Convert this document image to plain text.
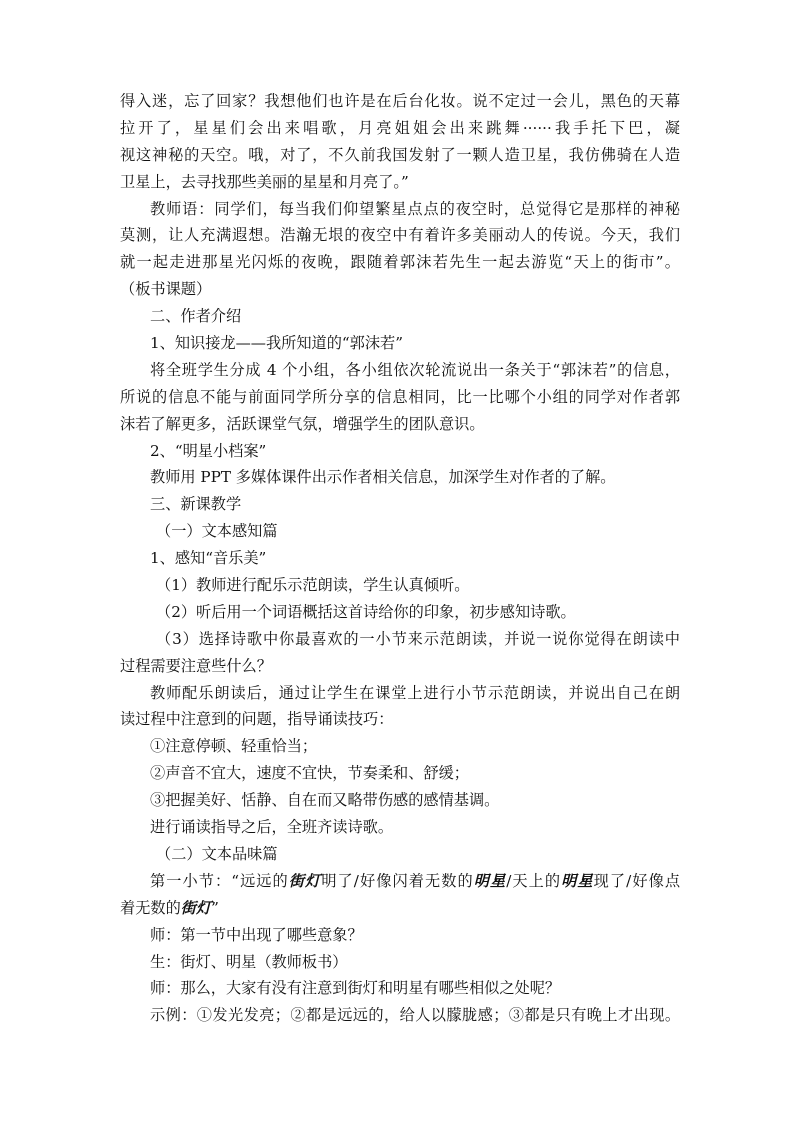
得入迷，忘了回家？我想他们也许是在后台化妆。说不定过一会儿，黑色的天幕
拉开了，星星们会出来唱歌，月亮姐姐会出来跳舞······我手托下巴，凝
视这神秘的天空。哦，对了，不久前我国发射了一颗人造卫星，我仿佛骑在人造
卫星上，去寻找那些美丽的星星和月亮了。”
教师语：同学们，每当我们仰望繁星点点的夜空时，总觉得它是那样的神秘
莫测，让人充满遐想。浩瀚无垠的夜空中有着许多美丽动人的传说。今天，我们
就一起走进那星光闪烁的夜晚，跟随着郭沫若先生一起去游览“天上的街市”。
（板书课题）
二、作者介绍
1、知识接龙——我所知道的“郭沫若”
将全班学生分成 4 个小组，各小组依次轮流说出一条关于“郭沫若”的信息，
所说的信息不能与前面同学所分享的信息相同，比一比哪个小组的同学对作者郭
沫若了解更多，活跃课堂气氛，增强学生的团队意识。
2、“明星小档案”
教师用 PPT 多媒体课件出示作者相关信息，加深学生对作者的了解。
三、新课教学
（一）文本感知篇
1、感知“音乐美”
（1）教师进行配乐示范朗读，学生认真倾听。
（2）听后用一个词语概括这首诗给你的印象，初步感知诗歌。
（3）选择诗歌中你最喜欢的一小节来示范朗读，并说一说你觉得在朗读中
过程需要注意些什么？
教师配乐朗读后，通过让学生在课堂上进行小节示范朗读，并说出自己在朗
读过程中注意到的问题，指导诵读技巧：
①注意停顿、轻重恰当；
②声音不宜大，速度不宜快，节奏柔和、舒缓；
③把握美好、恬静、自在而又略带伤感的感情基调。
进行诵读指导之后，全班齐读诗歌。
（二）文本品味篇
第一小节：“远远的街灯明了/好像闪着无数的明星/天上的明星现了/好像点
着无数的街灯”
师：第一节中出现了哪些意象？
生：街灯、明星（教师板书）
师：那么，大家有没有注意到街灯和明星有哪些相似之处呢？
示例：①发光发亮；②都是远远的，给人以朦胧感；③都是只有晚上才出现。
